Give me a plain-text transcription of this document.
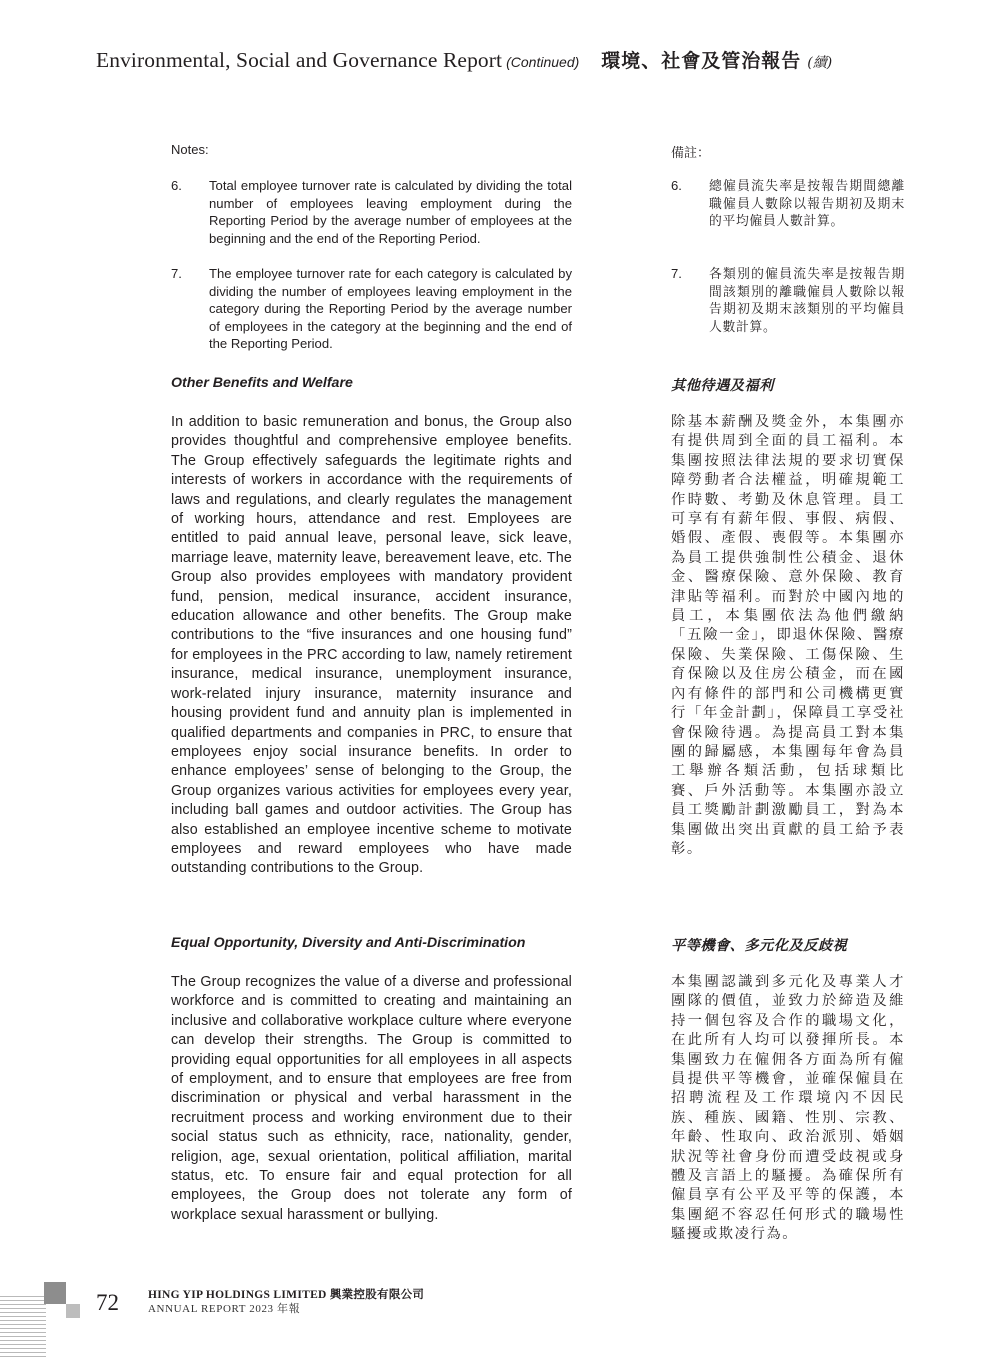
Environmental, Social and Governance Report (Continued) 環境、社會及管治報告 (續)
Notes:	備註：
6. Total employee turnover rate is calculated by dividing the total number of employees leaving employment during the Reporting Period by the average number of employees at the beginning and the end of the Reporting Period.
7. The employee turnover rate for each category is calculated by dividing the number of employees leaving employment in the category during the Reporting Period by the average number of employees in the category at the beginning and the end of the Reporting Period.
6. 總僱員流失率是按報告期間總離職僱員人數除以報告期初及期末的平均僱員人數計算。
7. 各類別的僱員流失率是按報告期間該類別的離職僱員人數除以報告期初及期末該類別的平均僱員人數計算。
Other Benefits and Welfare	其他待遇及福利
In addition to basic remuneration and bonus, the Group also provides thoughtful and comprehensive employee benefits. The Group effectively safeguards the legitimate rights and interests of workers in accordance with the requirements of laws and regulations, and clearly regulates the management of working hours, attendance and rest. Employees are entitled to paid annual leave, personal leave, sick leave, marriage leave, maternity leave, bereavement leave, etc. The Group also provides employees with mandatory provident fund, pension, medical insurance, accident insurance, education allowance and other benefits. The Group make contributions to the “five insurances and one housing fund” for employees in the PRC according to law, namely retirement insurance, medical insurance, unemployment insurance, work-related injury insurance, maternity insurance and housing provident fund and annuity plan is implemented in qualified departments and companies in PRC, to ensure that employees enjoy social insurance benefits. In order to enhance employees’ sense of belonging to the Group, the Group organizes various activities for employees every year, including ball games and outdoor activities. The Group has also established an employee incentive scheme to motivate employees and reward employees who have made outstanding contributions to the Group.
除基本薪酬及獎金外，本集團亦有提供周到全面的員工福利。本集團按照法律法規的要求切實保障勞動者合法權益，明確規範工作時數、考勤及休息管理。員工可享有有薪年假、事假、病假、婚假、產假、喪假等。本集團亦為員工提供強制性公積金、退休金、醫療保險、意外保險、教育津貼等福利。而對於中國內地的員工，本集團依法為他們繳納「五險一金」，即退休保險、醫療保險、失業保險、工傷保險、生育保險以及住房公積金，而在國內有條件的部門和公司機構更實行「年金計劃」，保障員工享受社會保險待遇。為提高員工對本集團的歸屬感，本集團每年會為員工舉辦各類活動，包括球類比賽、戶外活動等。本集團亦設立員工獎勵計劃激勵員工，對為本集團做出突出貢獻的員工給予表彰。
Equal Opportunity, Diversity and Anti-Discrimination	平等機會、多元化及反歧視
The Group recognizes the value of a diverse and professional workforce and is committed to creating and maintaining an inclusive and collaborative workplace culture where everyone can develop their strengths. The Group is committed to providing equal opportunities for all employees in all aspects of employment, and to ensure that employees are free from discrimination or physical and verbal harassment in the recruitment process and working environment due to their social status such as ethnicity, race, nationality, gender, religion, age, sexual orientation, political affiliation, marital status, etc. To ensure fair and equal protection for all employees, the Group does not tolerate any form of workplace sexual harassment or bullying.
本集團認識到多元化及專業人才團隊的價值，並致力於締造及維持一個包容及合作的職場文化，在此所有人均可以發揮所長。本集團致力在僱佣各方面為所有僱員提供平等機會，並確保僱員在招聘流程及工作環境內不因民族、種族、國籍、性別、宗教、年齡、性取向、政治派別、婚姻狀況等社會身份而遭受歧視或身體及言語上的騷擾。為確保所有僱員享有公平及平等的保護，本集團絕不容忍任何形式的職場性騷擾或欺凌行為。
72	HING YIP HOLDINGS LIMITED 興業控股有限公司
ANNUAL REPORT 2023 年報
